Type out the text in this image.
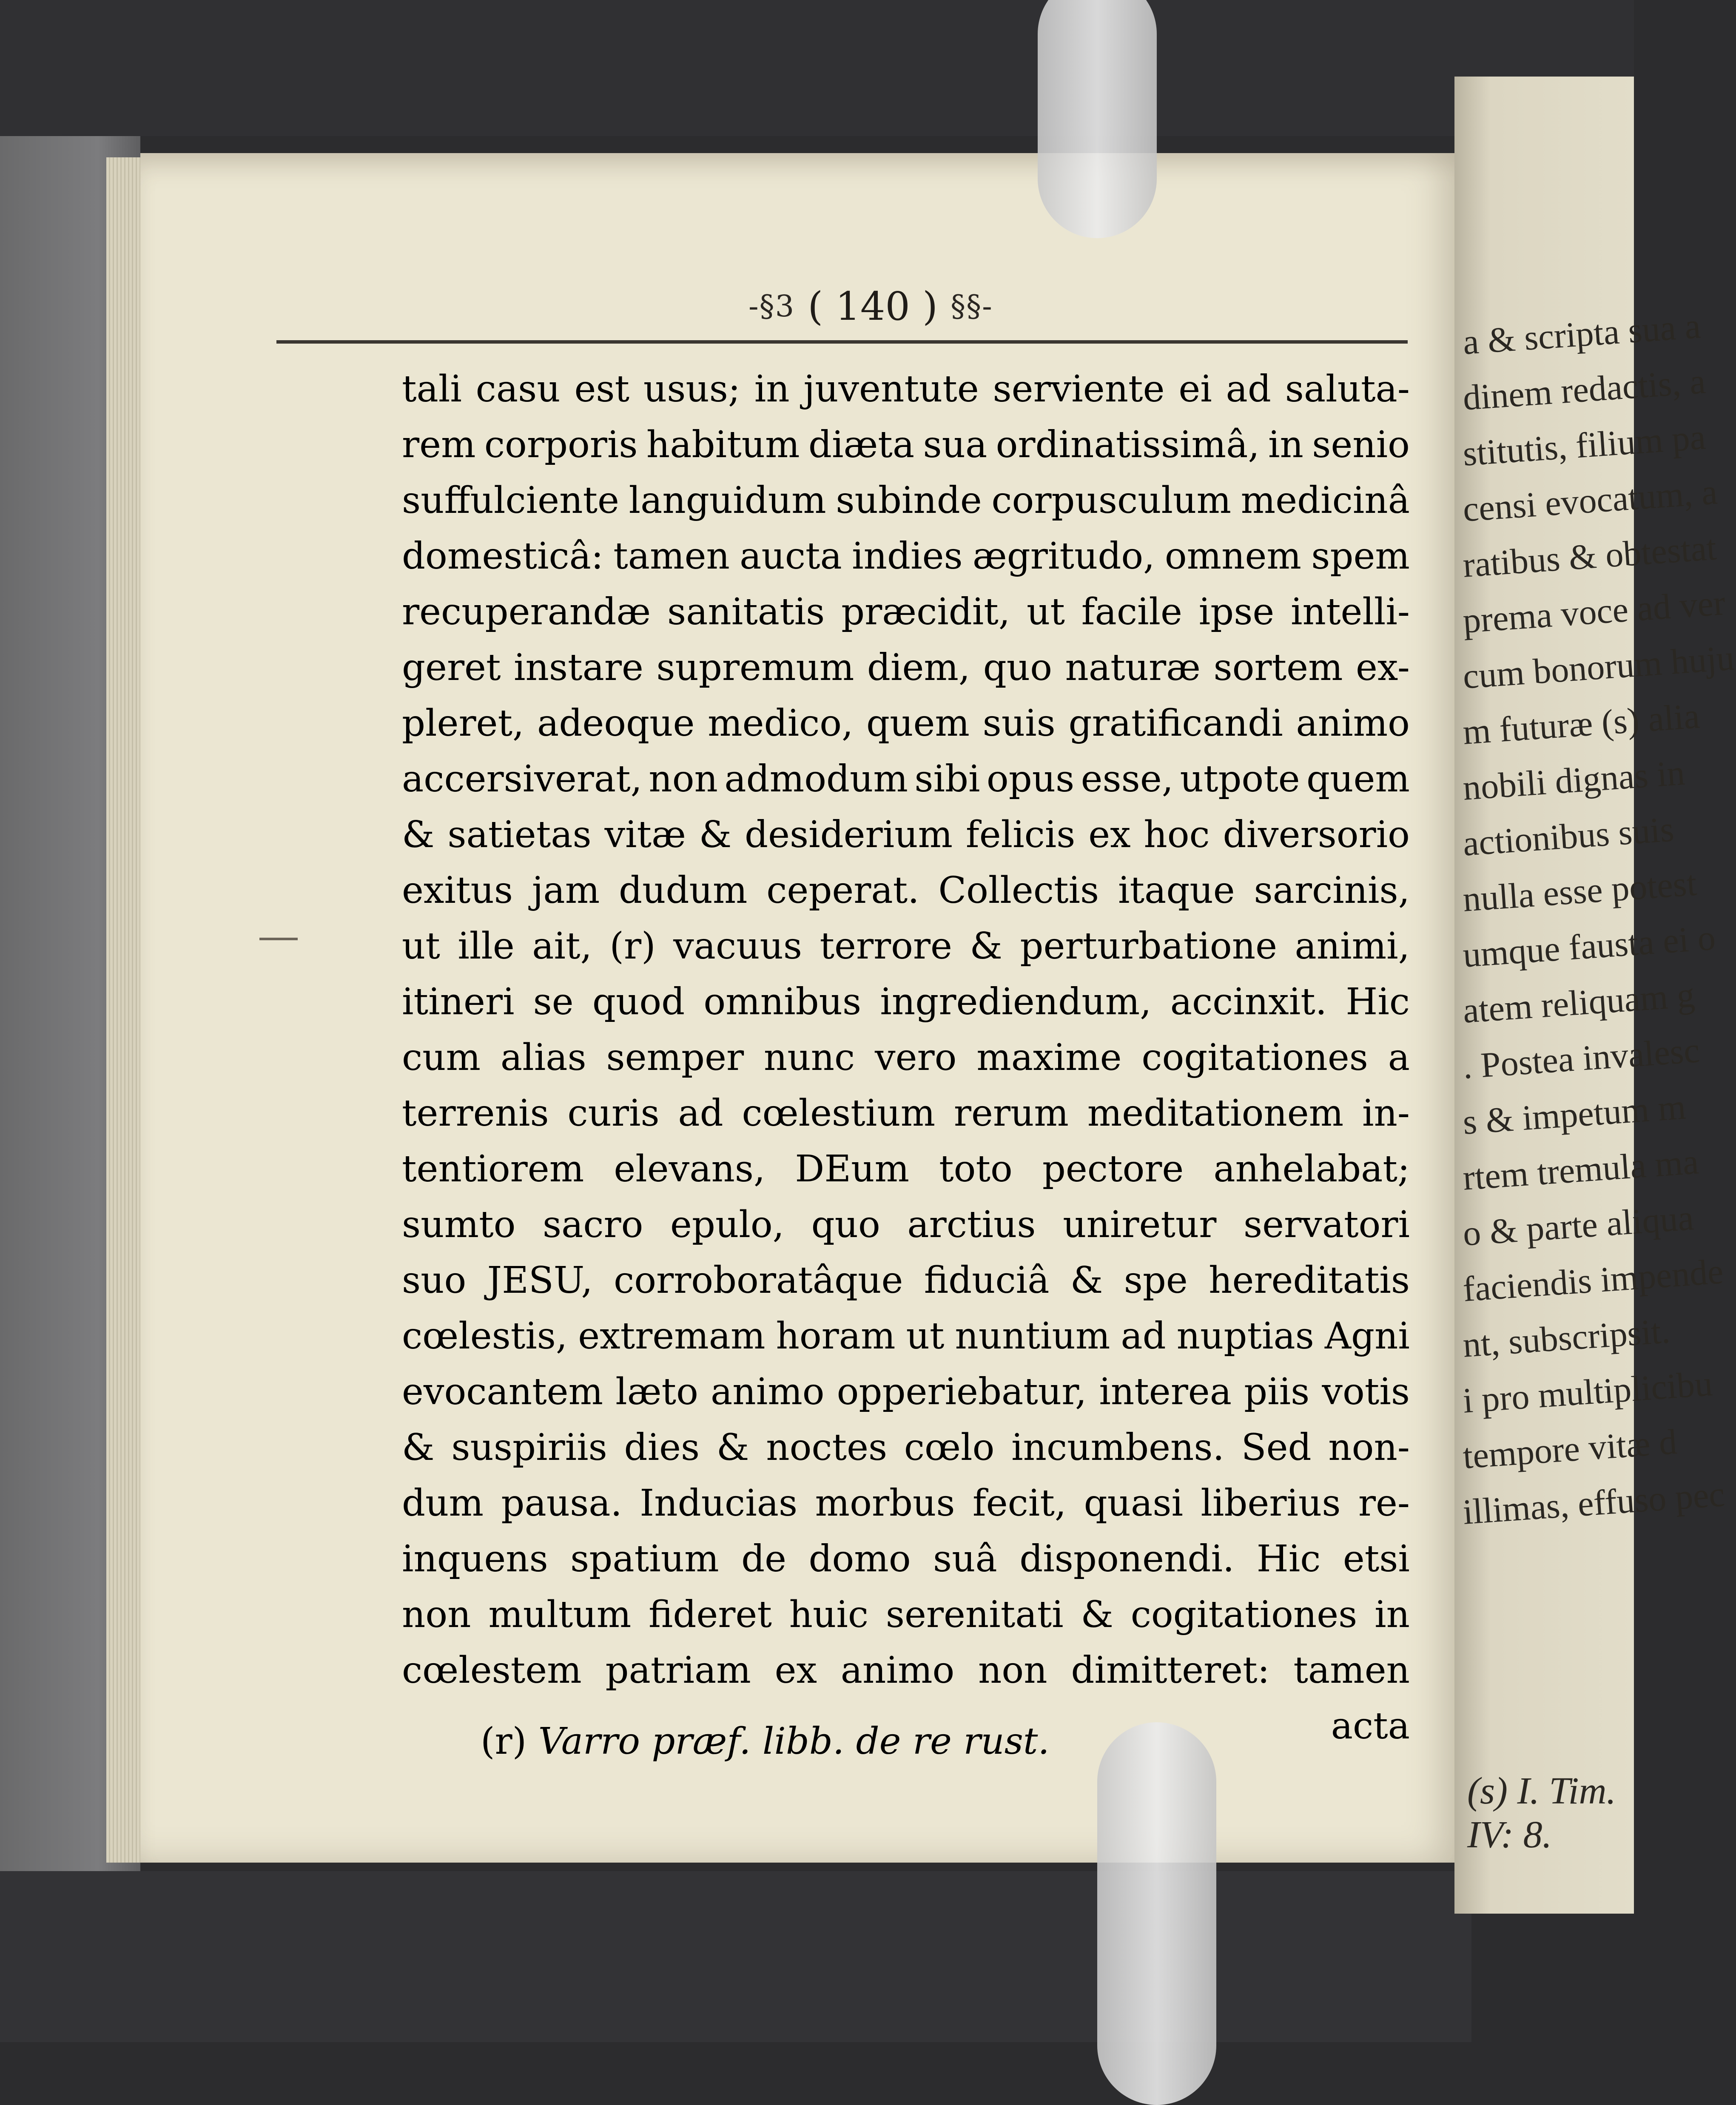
-§3 ( 140 ) §§-
tali casu est usus; in juventute serviente ei ad saluta-
rem corporis habitum diæta sua ordinatissimâ, in senio
suffulciente languidum subinde corpusculum medicinâ
domesticâ: tamen aucta indies ægritudo, omnem spem
recuperandæ sanitatis præcidit, ut facile ipse intelli-
geret instare supremum diem, quo naturæ sortem ex-
pleret, adeoque medico, quem suis gratificandi animo
accersiverat, non admodum sibi opus esse, utpote quem
& satietas vitæ & desiderium felicis ex hoc diversorio
exitus jam dudum ceperat. Collectis itaque sarcinis,
ut ille ait, (r) vacuus terrore & perturbatione animi,
itineri se quod omnibus ingrediendum, accinxit. Hic
cum alias semper nunc vero maxime cogitationes a
terrenis curis ad cœlestium rerum meditationem in-
tentiorem elevans, DEum toto pectore anhelabat;
sumto sacro epulo, quo arctius uniretur servatori
suo JESU, corroboratâque fiduciâ & spe hereditatis
cœlestis, extremam horam ut nuntium ad nuptias Agni
evocantem læto animo opperiebatur, interea piis votis
& suspiriis dies & noctes cœlo incumbens. Sed non-
dum pausa. Inducias morbus fecit, quasi liberius re-
inquens spatium de domo suâ disponendi. Hic etsi
non multum fideret huic serenitati & cogitationes in
cœlestem patriam ex animo non dimitteret: tamen
acta
(r) Varro præf. libb. de re rust.
a & scripta sua a
dinem redactis, a
stitutis, filium pa
censi evocatum, a
ratibus & obtestat
prema voce ad ver
cum bonorum huju
m futuræ (s) alia
nobili dignas in
actionibus suis
nulla esse potest
umque fausta ei o
atem reliquam g
. Postea invalesc
s & impetum m
rtem tremula ma
o & parte aliqua
faciendis impende
nt, subscripsit.
i pro multiplicibu
tempore vitæ d
illimas, effuso pec
(s) I. Tim. IV: 8.
